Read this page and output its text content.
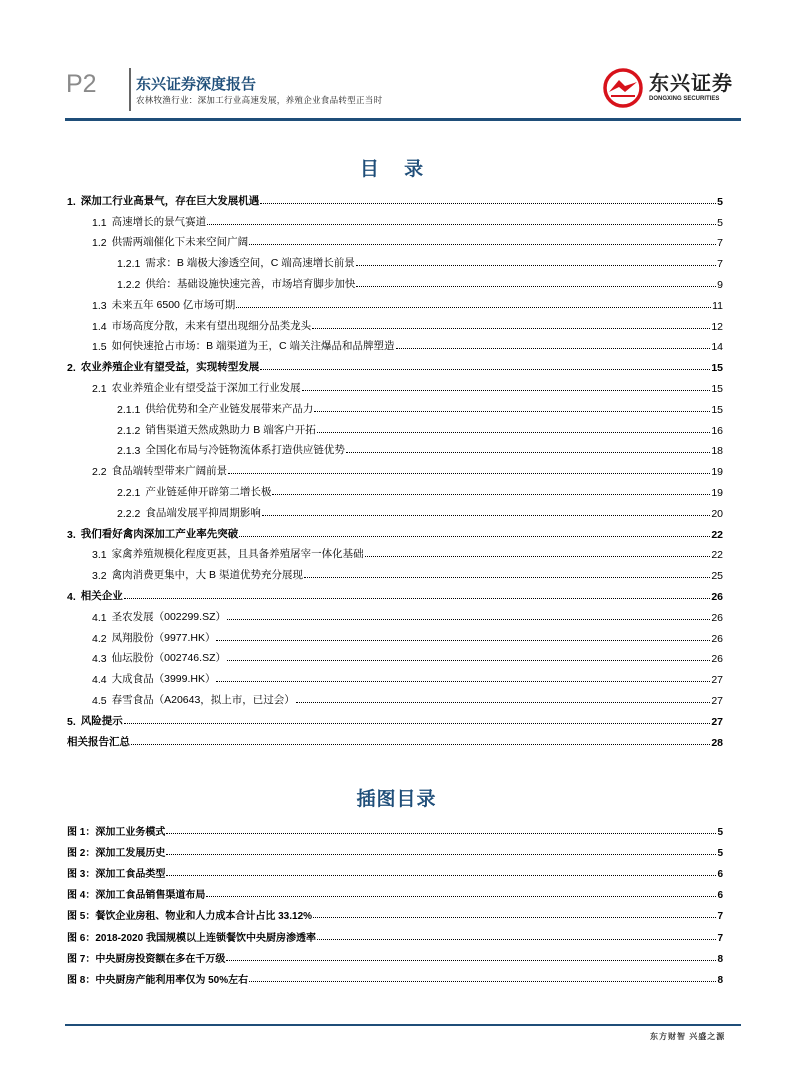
P2	东兴证券深度报告
农林牧渔行业：深加工行业高速发展，养殖企业食品转型正当时
东兴证券
DONGXING SECURITIES
目 录
1. 深加工行业高景气，存在巨大发展机遇	5
1.1 高速增长的景气赛道	5
1.2 供需两端催化下未来空间广阔	7
1.2.1 需求：B 端极大渗透空间，C 端高速增长前景	7
1.2.2 供给：基础设施快速完善，市场培育脚步加快	9
1.3 未来五年 6500 亿市场可期	11
1.4 市场高度分散，未来有望出现细分品类龙头	12
1.5 如何快速抢占市场：B 端渠道为王，C 端关注爆品和品牌塑造	14
2. 农业养殖企业有望受益，实现转型发展	15
2.1 农业养殖企业有望受益于深加工行业发展	15
2.1.1 供给优势和全产业链发展带来产品力	15
2.1.2 销售渠道天然成熟助力 B 端客户开拓	16
2.1.3 全国化布局与冷链物流体系打造供应链优势	18
2.2 食品端转型带来广阔前景	19
2.2.1 产业链延伸开辟第二增长极	19
2.2.2 食品端发展平抑周期影响	20
3. 我们看好禽肉深加工产业率先突破	22
3.1 家禽养殖规模化程度更甚，且具备养殖屠宰一体化基础	22
3.2 禽肉消费更集中，大 B 渠道优势充分展现	25
4. 相关企业	26
4.1 圣农发展（002299.SZ）	26
4.2 凤翔股份（9977.HK）	26
4.3 仙坛股份（002746.SZ）	26
4.4 大成食品（3999.HK）	27
4.5 春雪食品（A20643，拟上市，已过会）	27
5. 风险提示	27
相关报告汇总	28
插图目录
图 1： 深加工业务模式	5
图 2： 深加工发展历史	5
图 3： 深加工食品类型	6
图 4： 深加工食品销售渠道布局	6
图 5： 餐饮企业房租、物业和人力成本合计占比 33.12%	7
图 6： 2018-2020 我国规模以上连锁餐饮中央厨房渗透率	7
图 7： 中央厨房投资额在多在千万级	8
图 8： 中央厨房产能利用率仅为 50%左右	8
东方财智 兴盛之源
